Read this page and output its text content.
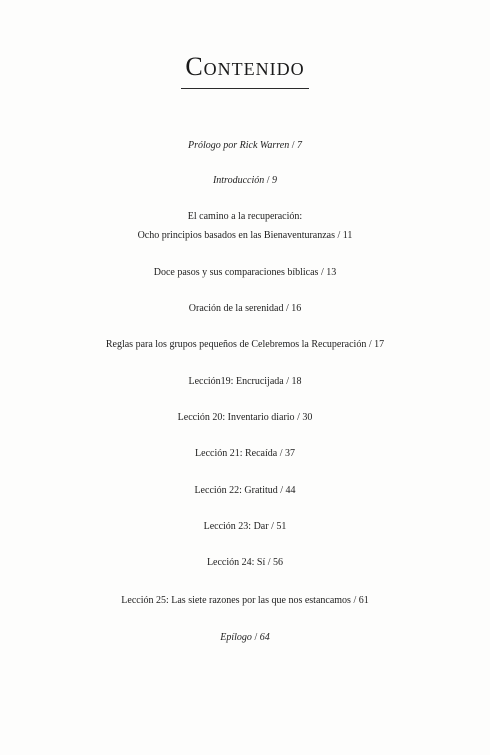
Contenido
Prólogo por Rick Warren / 7
Introducción / 9
El camino a la recuperación:
Ocho principios basados en las Bienaventuranzas / 11
Doce pasos y sus comparaciones bíblicas / 13
Oración de la serenidad / 16
Reglas para los grupos pequeños de Celebremos la Recuperación / 17
Lección19: Encrucijada / 18
Lección 20: Inventario diario / 30
Lección 21: Recaída / 37
Lección 22: Gratitud / 44
Lección 23: Dar / 51
Lección 24: Sí / 56
Lección 25: Las siete razones por las que nos estancamos / 61
Epílogo / 64
